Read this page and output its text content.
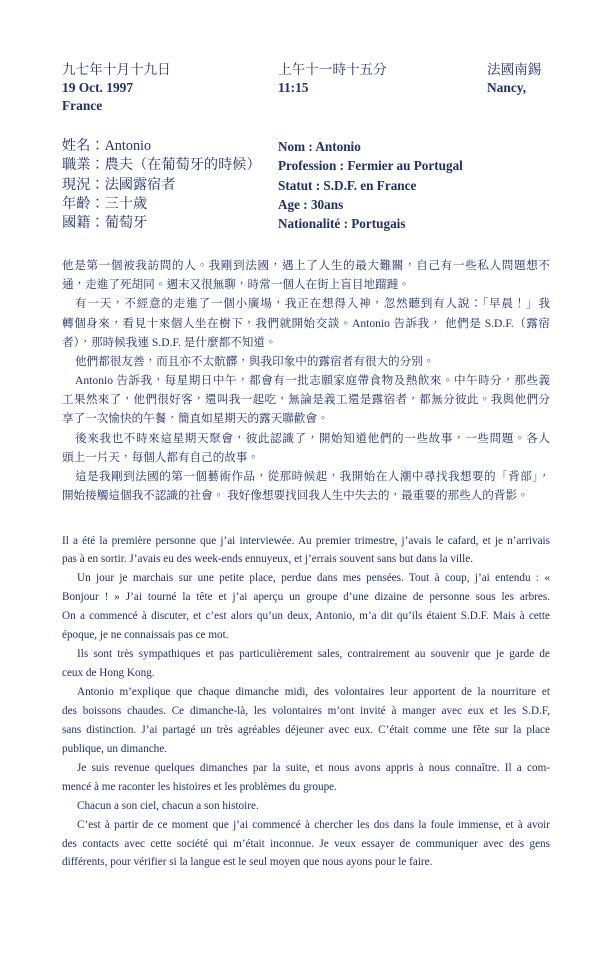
九七年十月十九日
19 Oct. 1997
France
上午十一時十五分
11:15
法國南錫
Nancy,
姓名：Antonio
職業：農夫（在葡萄牙的時候）
現況：法國露宿者
年齡：三十歲
國籍：葡萄牙
Nom : Antonio
Profession : Fermier au Portugal
Statut : S.D.F. en France
Age : 30ans
Nationalité : Portugais
他是第一個被我訪問的人。我剛到法國，遇上了人生的最大難關，自己有一些私人問題想不
通，走進了死胡同。週末又很無聊，時常一個人在街上盲目地蹓躂。
有一天，不經意的走進了一個小廣場，我正在想得入神，忽然聽到有人說：「早晨！」我
轉個身來，看見十來個人坐在樹下，我們就開始交談。Antonio 告訴我， 他們是 S.D.F.（露宿
者），那時候我連 S.D.F. 是什麼都不知道。
他們都很友善，而且亦不太骯髒，與我印象中的露宿者有很大的分別。
Antonio 告訴我，每星期日中午，都會有一批志願家庭帶食物及熱飲來。中午時分，那些義
工果然來了，他們很好客，還叫我一起吃，無論是義工還是露宿者，都無分彼此。我與他們分
享了一次愉快的午餐，簡直如星期天的露天聯歡會。
後來我也不時來這星期天聚會，彼此認識了，開始知道他們的一些故事，一些問題。各人
頭上一片天，每個人都有自己的故事。
這是我剛到法國的第一個藝術作品，從那時候起，我開始在人潮中尋找我想要的「背部」，
開始接觸這個我不認識的社會。 我好像想要找回我人生中失去的，最重要的那些人的背影。
Il a été la première personne que j’ai interviewée. Au premier trimestre, j’avais le cafard, et je n’arrivais
pas à en sortir. J’avais eu des week-ends ennuyeux, et j’errais souvent sans but dans la ville.
Un jour je marchais sur une petite place, perdue dans mes pensées. Tout à coup, j’ai entendu : «
Bonjour ! » J’ai tourné la tête et j’ai aperçu un groupe d’une dizaine de personne sous les arbres.
On a commencé à discuter, et c’est alors qu’un deux, Antonio, m’a dit qu’ils étaient S.D.F. Mais à cette
époque, je ne connaissais pas ce mot.
Ils sont très sympathiques et pas particulièrement sales, contrairement au souvenir que je garde de
ceux de Hong Kong.
Antonio m’explique que chaque dimanche midi, des volontaires leur apportent de la nourriture et
des boissons chaudes. Ce dimanche-là, les volontaires m’ont invité à manger avec eux et les S.D.F,
sans distinction. J’ai partagé un très agréables déjeuner avec eux. C’était comme une fête sur la place
publique, un dimanche.
Je suis revenue quelques dimanches par la suite, et nous avons appris à nous connaître. Il a com-
mencé à me raconter les histoires et les problèmes du groupe.
Chacun a son ciel, chacun a son histoire.
C’est à partir de ce moment que j’ai commencé à chercher les dos dans la foule immense, et à avoir
des contacts avec cette société qui m’était inconnue. Je veux essayer de communiquer avec des gens
différents, pour vérifier si la langue est le seul moyen que nous ayons pour le faire.
